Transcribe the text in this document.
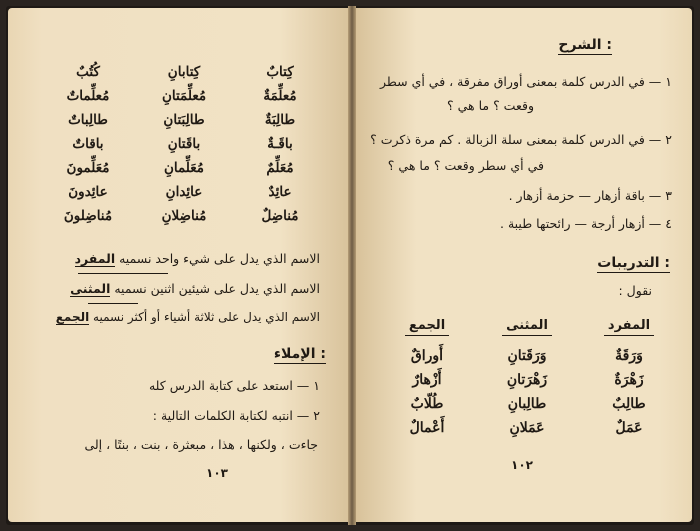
كِتابٌ
كِتابانِ
كُتُبٌ
مُعلِّمَةٌ
مُعلِّمَتانِ
مُعلِّماتٌ
طالِبَةٌ
طالِبَتانِ
طالِباتٌ
باقَـةٌ
باقَتانِ
باقاتٌ
مُعَلِّمٌ
مُعَلِّمانِ
مُعَلِّمونَ
عائِدٌ
عائِدانِ
عائِدونَ
مُناضِلٌ
مُناضِلانِ
مُناضِلونَ
الاسم الذي يدل على شيء واحد نسميه المفرد
الاسم الذي يدل على شيئين اثنين نسميه المثنى
الاسم الذي يدل على ثلاثة أشياء أو أكثر نسميه الجمع
الإملاء :
١ — استعد على كتابة الدرس كله
٢ — انتبه لكتابة الكلمات التالية :
جاءت ، ولكنها ، هذا ، مبعثرة ، بنت ، بنتًا ، إلى
١٠٣
الشرح :
١ — في الدرس كلمة بمعنى أوراق مفرقة ، في أي سطر
وقعت ؟ ما هي ؟
٢ — في الدرس كلمة بمعنى سلة الزبالة . كم مرة ذكرت ؟
في أي سطر وقعت ؟ ما هي ؟
٣ — باقة أزهار — حزمة أزهار .
٤ — أزهار أرجة — رائحتها طيبة .
التدريبات :
نقول :
المفرد
وَرَقَةٌ
زَهْرَةٌ
طالِبٌ
عَمَلٌ
المثنى
وَرَقَتانِ
زَهْرَتانِ
طالِبانِ
عَمَلانِ
الجمع
أَوراقٌ
أَزْهارٌ
طُلّابٌ
أَعْمالٌ
١٠٢
